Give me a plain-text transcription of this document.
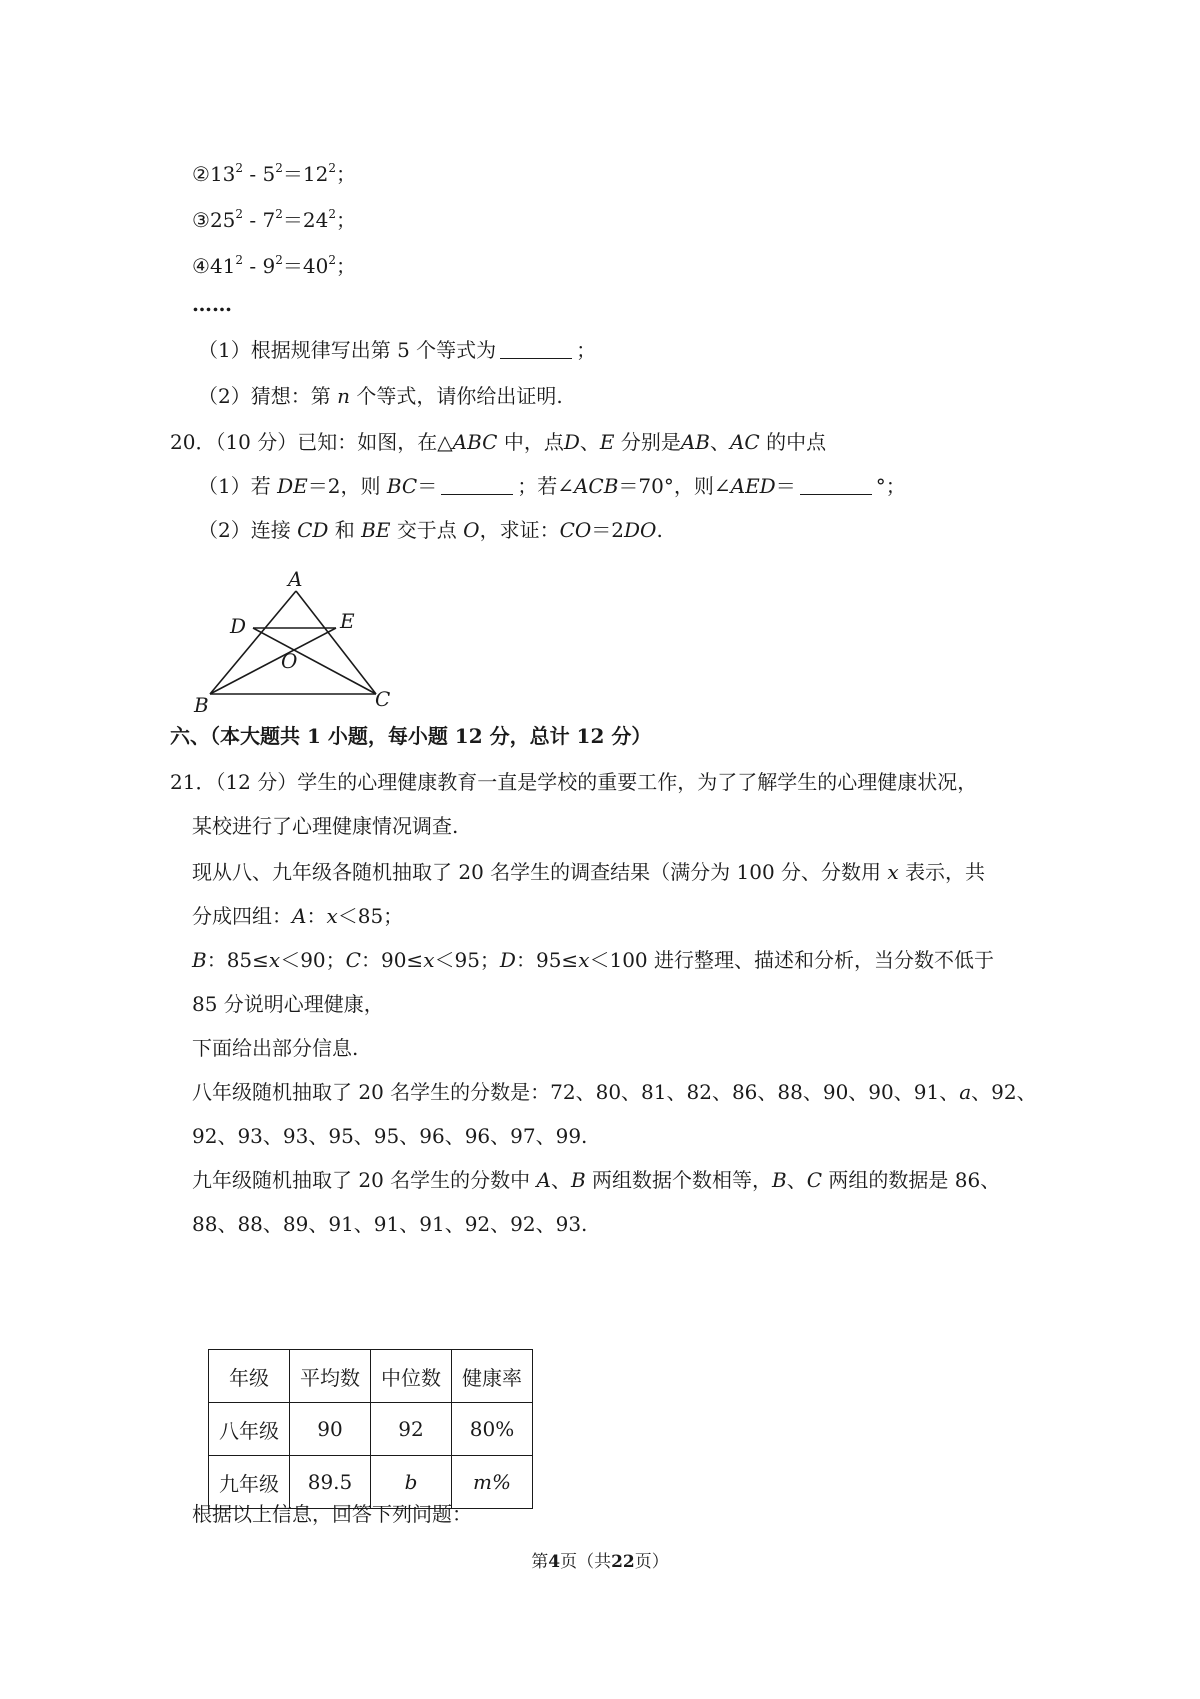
$②13^2 - 5^2=12^2$；
$③25^2 - 7^2=24^2$；
$④41^2 - 9^2=40^2$；
……
（1）根据规律写出第 5 个等式为	；
（2）猜想：第 n 个等式，请你给出证明.
20．（10 分）已知：如图，在△ABC 中，点D、E 分别是AB、AC 的中点
（1）若 DE＝2，则 BC＝	；若∠ACB＝70°，则∠AED＝	°；
（2）连接 CD 和 BE 交于点 O，求证：CO＝2DO.
A
D	E
O
B	C
六、（本大题共 1 小题，每小题 12 分，总计 12 分）
21．（12 分）学生的心理健康教育一直是学校的重要工作，为了了解学生的心理健康状况，
某校进行了心理健康情况调查.
现从八、九年级各随机抽取了 20 名学生的调查结果（满分为 100 分、分数用 x 表示，共
分成四组：A：x＜85；
B：85≤x＜90；C：90≤x＜95；D：95≤x＜100 进行整理、描述和分析，当分数不低于
85 分说明心理健康，
下面给出部分信息.
八年级随机抽取了 20 名学生的分数是：72、80、81、82、86、88、90、90、91、a、92、
92、93、93、95、95、96、96、97、99.
九年级随机抽取了 20 名学生的分数中 A、B 两组数据个数相等，B、C 两组的数据是 86、
88、88、89、91、91、91、92、92、93.
年级	平均数	中位数	健康率
八年级	90	92	80%
九年级	89.5	b	m%
根据以上信息，回答下列问题：
第4页（共22页）
